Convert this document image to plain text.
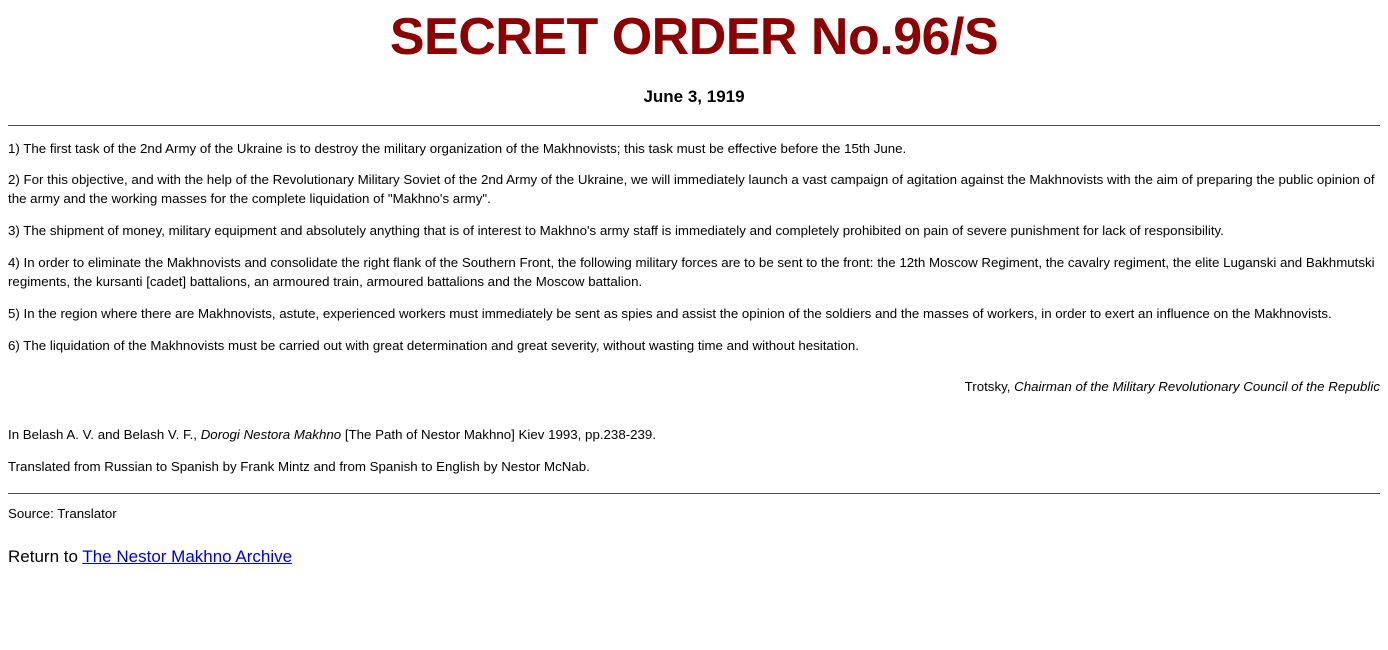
SECRET ORDER No.96/S
June 3, 1919

1) The first task of the 2nd Army of the Ukraine is to destroy the military organization of the Makhnovists; this task must be effective before the 15th June.

2) For this objective, and with the help of the Revolutionary Military Soviet of the 2nd Army of the Ukraine, we will immediately launch a vast campaign of agitation against the Makhnovists with the aim of preparing the public opinion of the army and the working masses for the complete liquidation of "Makhno's army".

3) The shipment of money, military equipment and absolutely anything that is of interest to Makhno's army staff is immediately and completely prohibited on pain of severe punishment for lack of responsibility.

4) In order to eliminate the Makhnovists and consolidate the right flank of the Southern Front, the following military forces are to be sent to the front: the 12th Moscow Regiment, the cavalry regiment, the elite Luganski and Bakhmutski regiments, the kursanti [cadet] battalions, an armoured train, armoured battalions and the Moscow battalion.

5) In the region where there are Makhnovists, astute, experienced workers must immediately be sent as spies and assist the opinion of the soldiers and the masses of workers, in order to exert an influence on the Makhnovists.

6) The liquidation of the Makhnovists must be carried out with great determination and great severity, without wasting time and without hesitation.

Trotsky, Chairman of the Military Revolutionary Council of the Republic

In Belash A. V. and Belash V. F., Dorogi Nestora Makhno [The Path of Nestor Makhno] Kiev 1993, pp.238-239.

Translated from Russian to Spanish by Frank Mintz and from Spanish to English by Nestor McNab.

Source: Translator

Return to The Nestor Makhno Archive
